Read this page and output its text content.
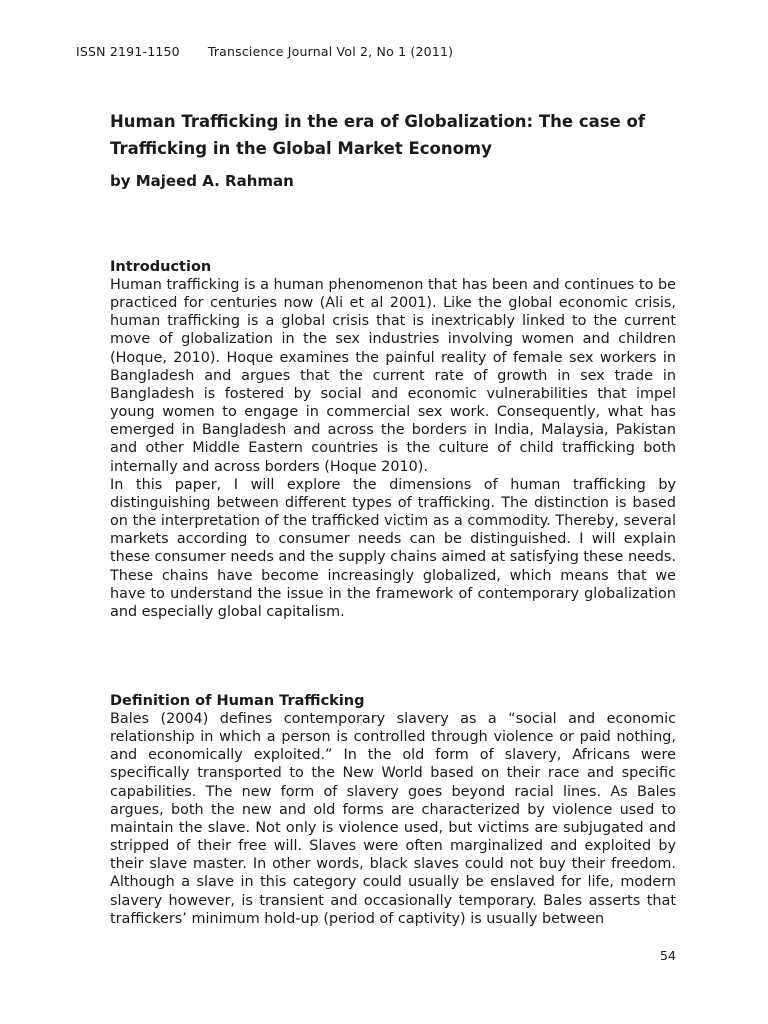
ISSN 2191-1150 Transcience Journal Vol 2, No 1 (2011)
Human Trafficking in the era of Globalization: The case of Trafficking in the Global Market Economy
by Majeed A. Rahman
Introduction

Human trafficking is a human phenomenon that has been and continues to be practiced for centuries now (Ali et al 2001). Like the global economic crisis, human trafficking is a global crisis that is inextricably linked to the current move of globalization in the sex industries involving women and children (Hoque, 2010). Hoque examines the painful reality of female sex workers in Bangladesh and argues that the current rate of growth in sex trade in Bangladesh is fostered by social and economic vulnerabilities that impel young women to engage in commercial sex work. Consequently, what has emerged in Bangladesh and across the borders in India, Malaysia, Pakistan and other Middle Eastern countries is the culture of child trafficking both internally and across borders (Hoque 2010).

In this paper, I will explore the dimensions of human trafficking by distinguishing between different types of trafficking. The distinction is based on the interpretation of the trafficked victim as a commodity. Thereby, several markets according to consumer needs can be distinguished. I will explain these consumer needs and the supply chains aimed at satisfying these needs. These chains have become increasingly globalized, which means that we have to understand the issue in the framework of contemporary globalization and especially global capitalism.

Definition of Human Trafficking

Bales (2004) defines contemporary slavery as a “social and economic relationship in which a person is controlled through violence or paid nothing, and economically exploited.” In the old form of slavery, Africans were specifically transported to the New World based on their race and specific capabilities. The new form of slavery goes beyond racial lines. As Bales argues, both the new and old forms are characterized by violence used to maintain the slave. Not only is violence used, but victims are subjugated and stripped of their free will. Slaves were often marginalized and exploited by their slave master. In other words, black slaves could not buy their freedom. Although a slave in this category could usually be enslaved for life, modern slavery however, is transient and occasionally temporary. Bales asserts that traffickers’ minimum hold-up (period of captivity) is usually between

54
